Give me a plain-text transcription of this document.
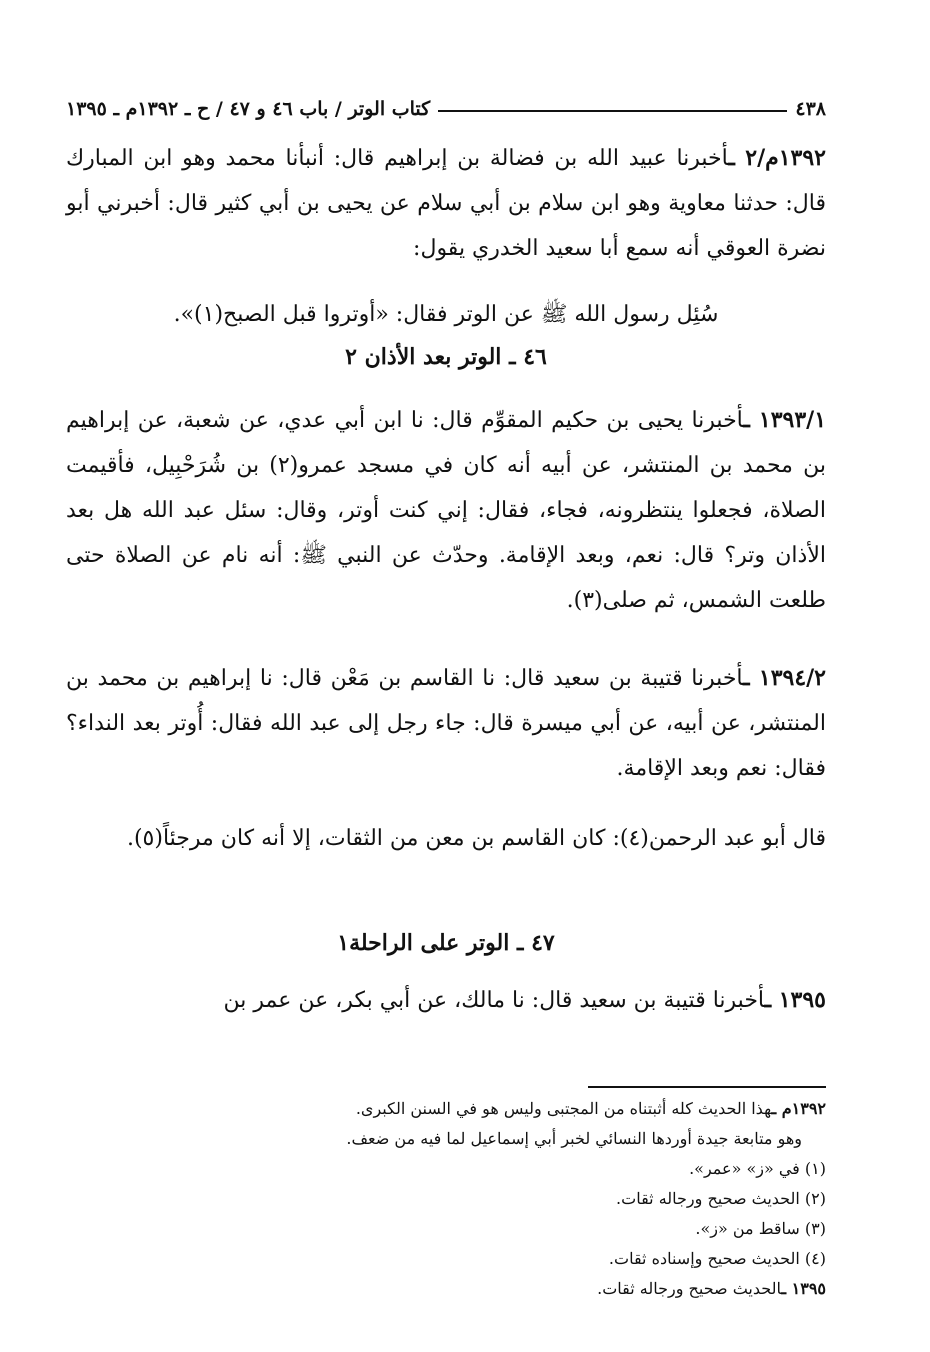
٤٣٨
كتاب الوتر / باب ٤٦ و ٤٧ / ح ـ ١٣٩٢م ـ ١٣٩٥
١٣٩٢م/٢ ـأخبرنا عبيد الله بن فضالة بن إبراهيم قال: أنبأنا محمد وهو ابن المبارك قال: حدثنا معاوية وهو ابن سلام بن أبي سلام عن يحيى بن أبي كثير قال: أخبرني أبو نضرة العوقي أنه سمع أبا سعيد الخدري يقول:
سُئِل رسول الله ﷺ عن الوتر فقال: «أوتروا قبل الصبح(١)».
٤٦ ـ الوتر بعد الأذان ٢
١٣٩٣/١ ـأخبرنا يحيى بن حكيم المقوِّم قال: نا ابن أبي عدي، عن شعبة، عن إبراهيم بن محمد بن المنتشر، عن أبيه أنه كان في مسجد عمرو(٢) بن شُرَحْبِيل، فأقيمت الصلاة، فجعلوا ينتظرونه، فجاء، فقال: إني كنت أوتر، وقال: سئل عبد الله هل بعد الأذان وتر؟ قال: نعم، وبعد الإقامة. وحدّث عن النبي ﷺ: أنه نام عن الصلاة حتى طلعت الشمس، ثم صلى(٣).
١٣٩٤/٢ ـأخبرنا قتيبة بن سعيد قال: نا القاسم بن مَعْن قال: نا إبراهيم بن محمد بن المنتشر، عن أبيه، عن أبي ميسرة قال: جاء رجل إلى عبد الله فقال: أُوتر بعد النداء؟ فقال: نعم وبعد الإقامة.
قال أبو عبد الرحمن(٤): كان القاسم بن معن من الثقات، إلا أنه كان مرجئاً(٥).
٤٧ ـ الوتر على الراحلة١
١٣٩٥ ـأخبرنا قتيبة بن سعيد قال: نا مالك، عن أبي بكر، عن عمر بن
١٣٩٢م ـهذا الحديث كله أثبتناه من المجتبى وليس هو في السنن الكبرى.
وهو متابعة جيدة أوردها النسائي لخبر أبي إسماعيل لما فيه من ضعف.
(١) في «ز» «عمر».
(٢) الحديث صحيح ورجاله ثقات.
(٣) ساقط من «ز».
(٤) الحديث صحيح وإسناده ثقات.
١٣٩٥ ـالحديث صحيح ورجاله ثقات.
